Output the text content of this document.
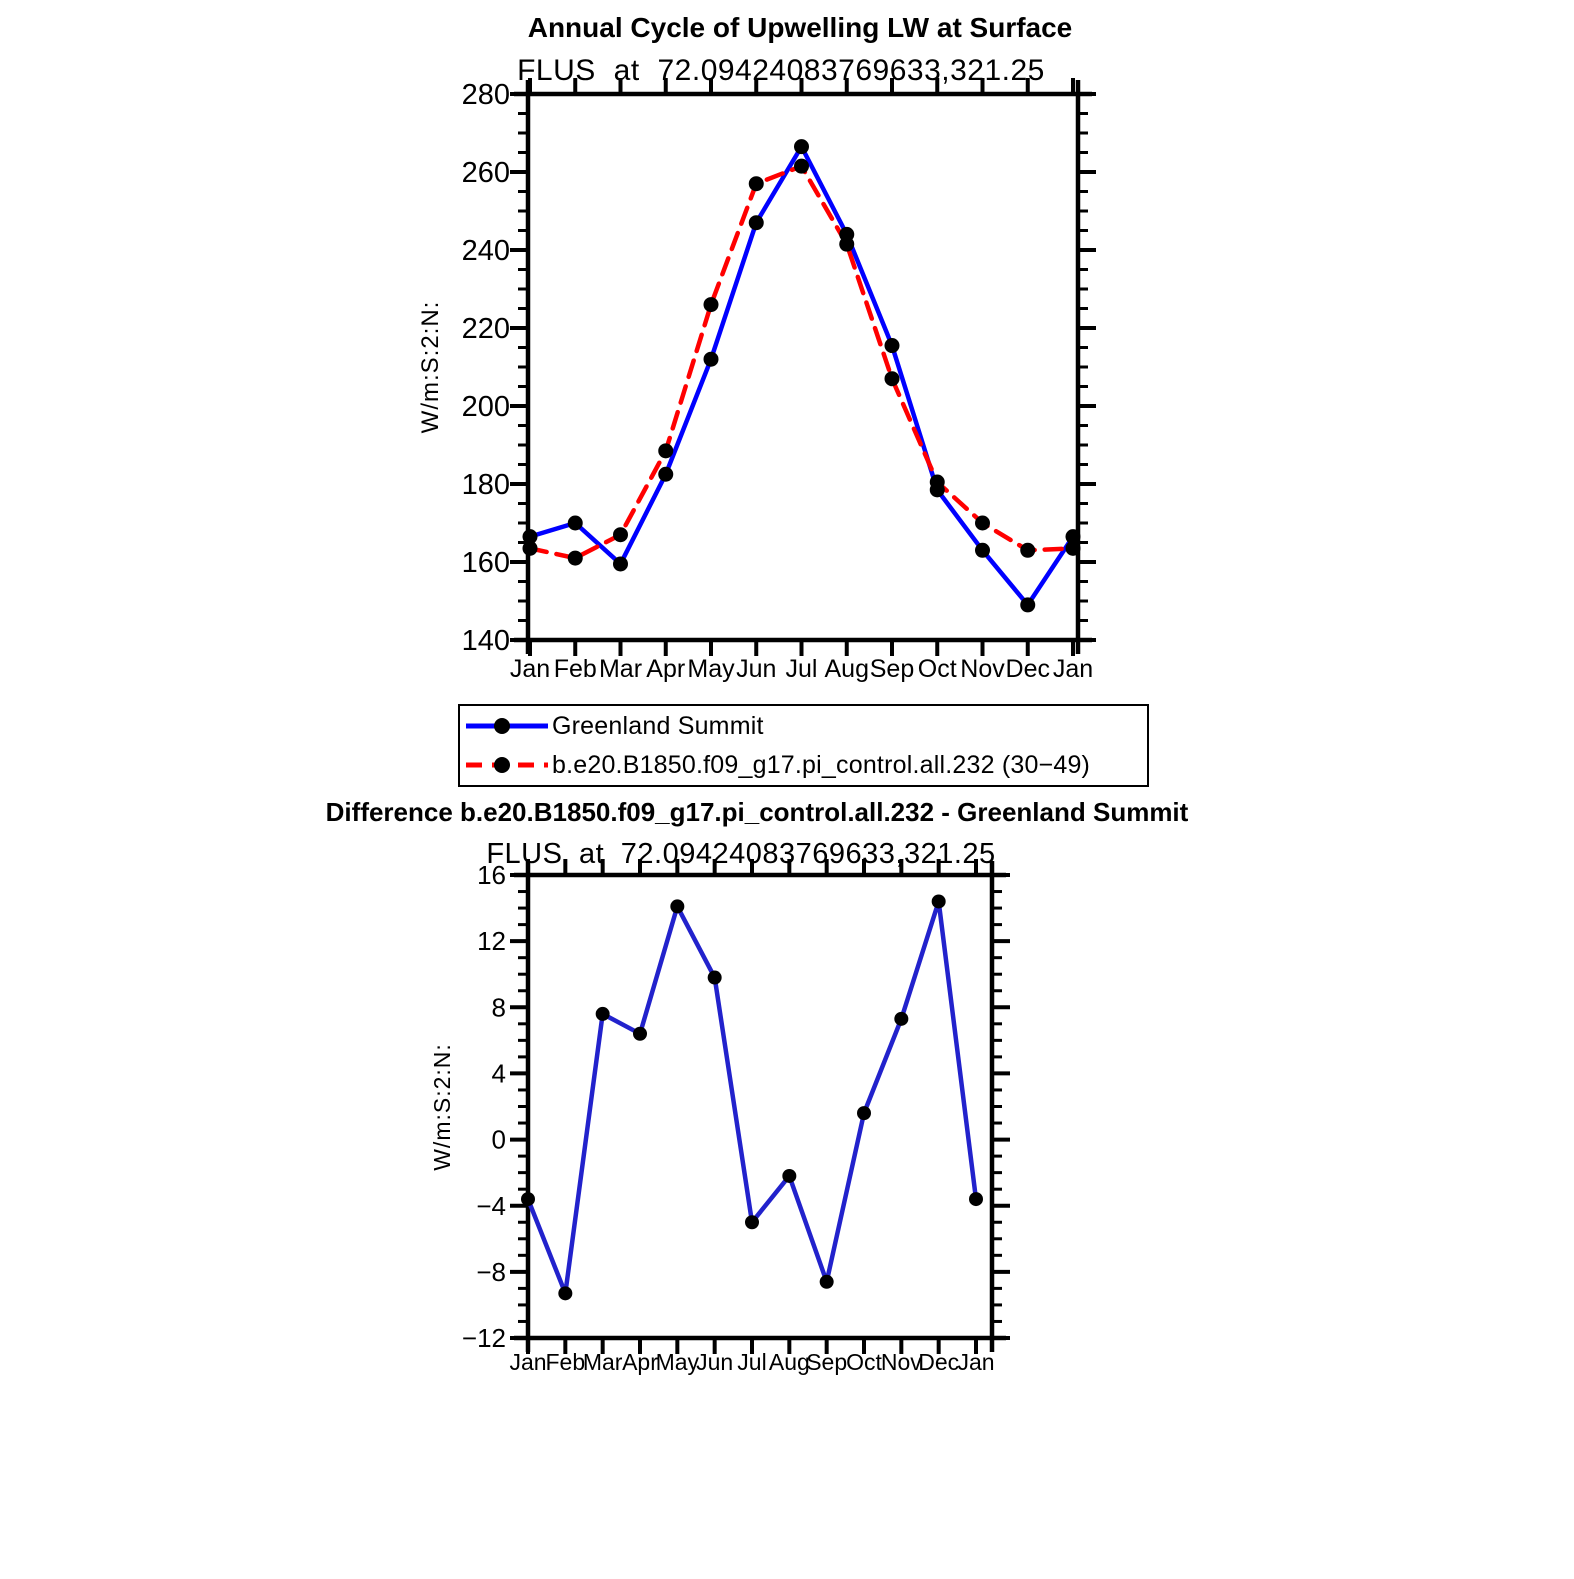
Annual Cycle of Upwelling LW at Surface
FLUS at 72.09424083769633,321.25
W/m:S:2:N:
140
160
180
200
220
240
260
280
Jan Feb Mar Apr May Jun Jul Aug Sep Oct Nov Dec Jan
Difference b.e20.B1850.f09_g17.pi_control.all.232 - Greenland Summit
FLUS at 72.09424083769633,321.25
W/m:S:2:N:
−12
−8
−4
0
4
8
12
16
Jan
Feb
Mar Apr
May
Jun Jul Aug
Sep
Oct
Nov
Dec
Jan
Greenland Summit
b.e20.B1850.f09_g17.pi_control.all.232 (30−49)
